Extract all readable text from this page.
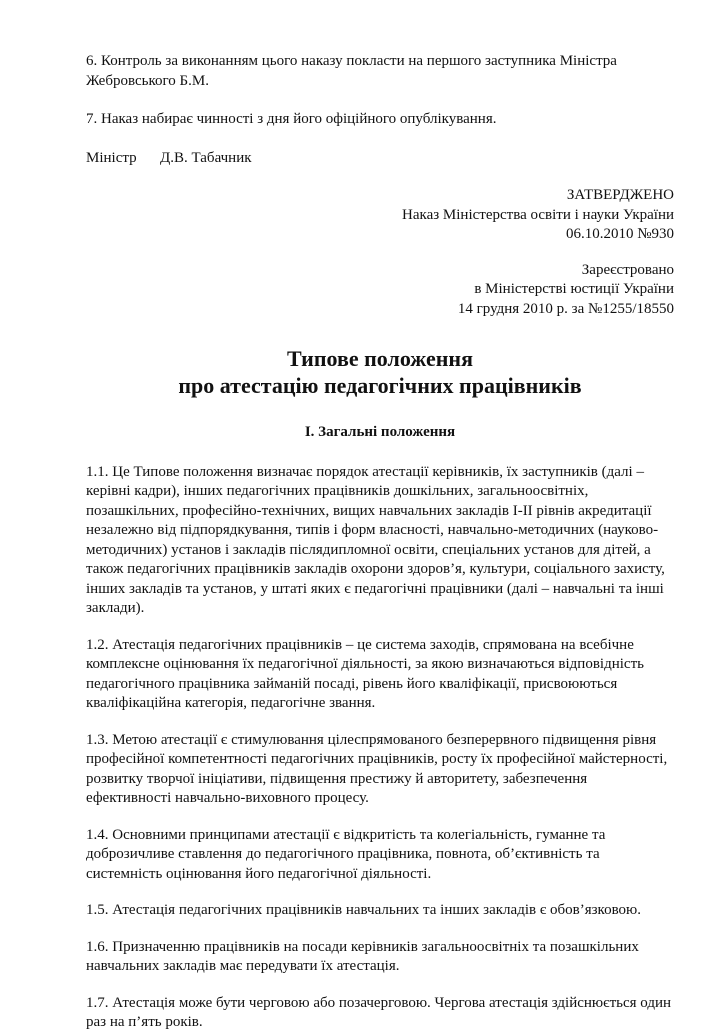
6. Контроль за виконанням цього наказу покласти на першого заступника Міністра Жебровського Б.М.

7. Наказ набирає чинності з дня його офіційного опублікування.

Міністр Д.В. Табачник

ЗАТВЕРДЖЕНО

Наказ Міністерства освіти і науки України

06.10.2010 №930

Зареєстровано

в Міністерстві юстиції України

14 грудня 2010 р. за №1255/18550

Типове положення

про атестацію педагогічних працівників

I. Загальні положення

1.1. Це Типове положення визначає порядок атестації керівників, їх заступників (далі – керівні кадри), інших педагогічних працівників дошкільних, загальноосвітніх, позашкільних, професійно-технічних, вищих навчальних закладів I-II рівнів акредитації незалежно від підпорядкування, типів і форм власності, навчально-методичних (науково-методичних) установ і закладів післядипломної освіти, спеціальних установ для дітей, а також педагогічних працівників закладів охорони здоров’я, культури, соціального захисту, інших закладів та установ, у штаті яких є педагогічні працівники (далі – навчальні та інші заклади).

1.2. Атестація педагогічних працівників – це система заходів, спрямована на всебічне комплексне оцінювання їх педагогічної діяльності, за якою визначаються відповідність педагогічного працівника займаній посаді, рівень його кваліфікації, присвоюються кваліфікаційна категорія, педагогічне звання.

1.3. Метою атестації є стимулювання цілеспрямованого безперервного підвищення рівня професійної компетентності педагогічних працівників, росту їх професійної майстерності, розвитку творчої ініціативи, підвищення престижу й авторитету, забезпечення ефективності навчально-виховного процесу.

1.4. Основними принципами атестації є відкритість та колегіальність, гуманне та доброзичливе ставлення до педагогічного працівника, повнота, об’єктивність та системність оцінювання його педагогічної діяльності.

1.5. Атестація педагогічних працівників навчальних та інших закладів є обов’язковою.

1.6. Призначенню працівників на посади керівників загальноосвітніх та позашкільних навчальних закладів має передувати їх атестація.

1.7. Атестація може бути черговою або позачерговою. Чергова атестація здійснюється один раз на п’ять років.
